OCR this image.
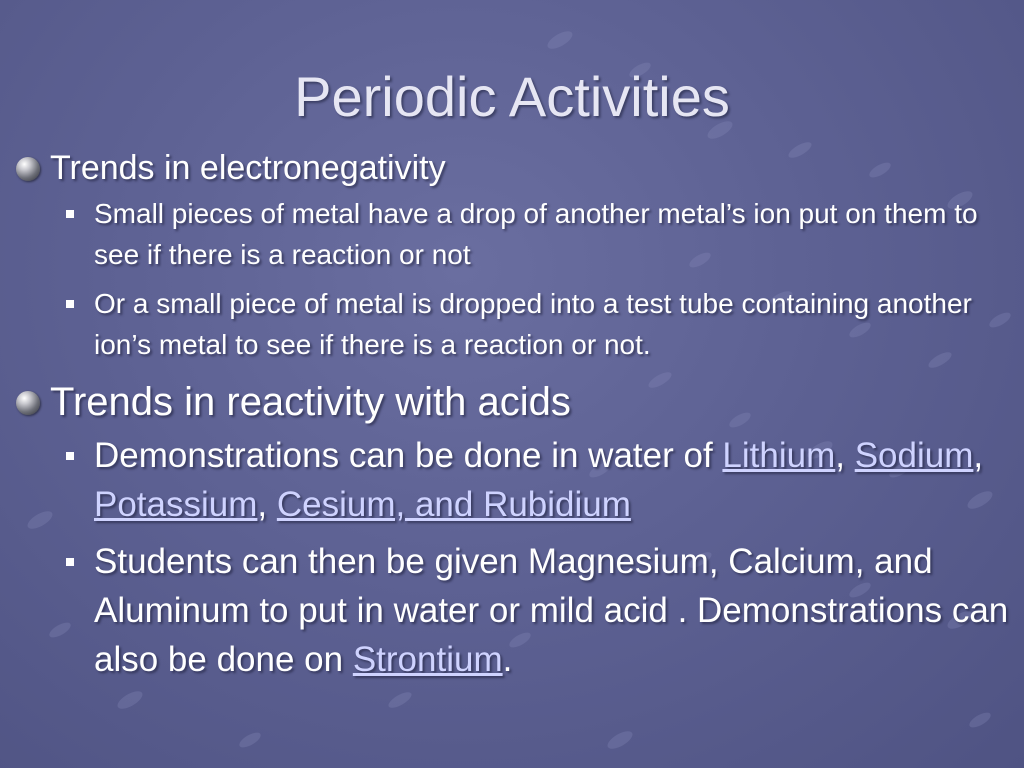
Periodic Activities
Trends in electronegativity
Small pieces of metal have a drop of another metal’s ion put on them to see if there is a reaction or not
Or a small piece of metal is dropped into a test tube containing another ion’s metal to see if there is a reaction or not.
Trends in reactivity with acids
Demonstrations can be done in water of Lithium, Sodium, Potassium, Cesium, and Rubidium
Students can then be given Magnesium, Calcium, and Aluminum to put in water or mild acid . Demonstrations can also be done on Strontium.
